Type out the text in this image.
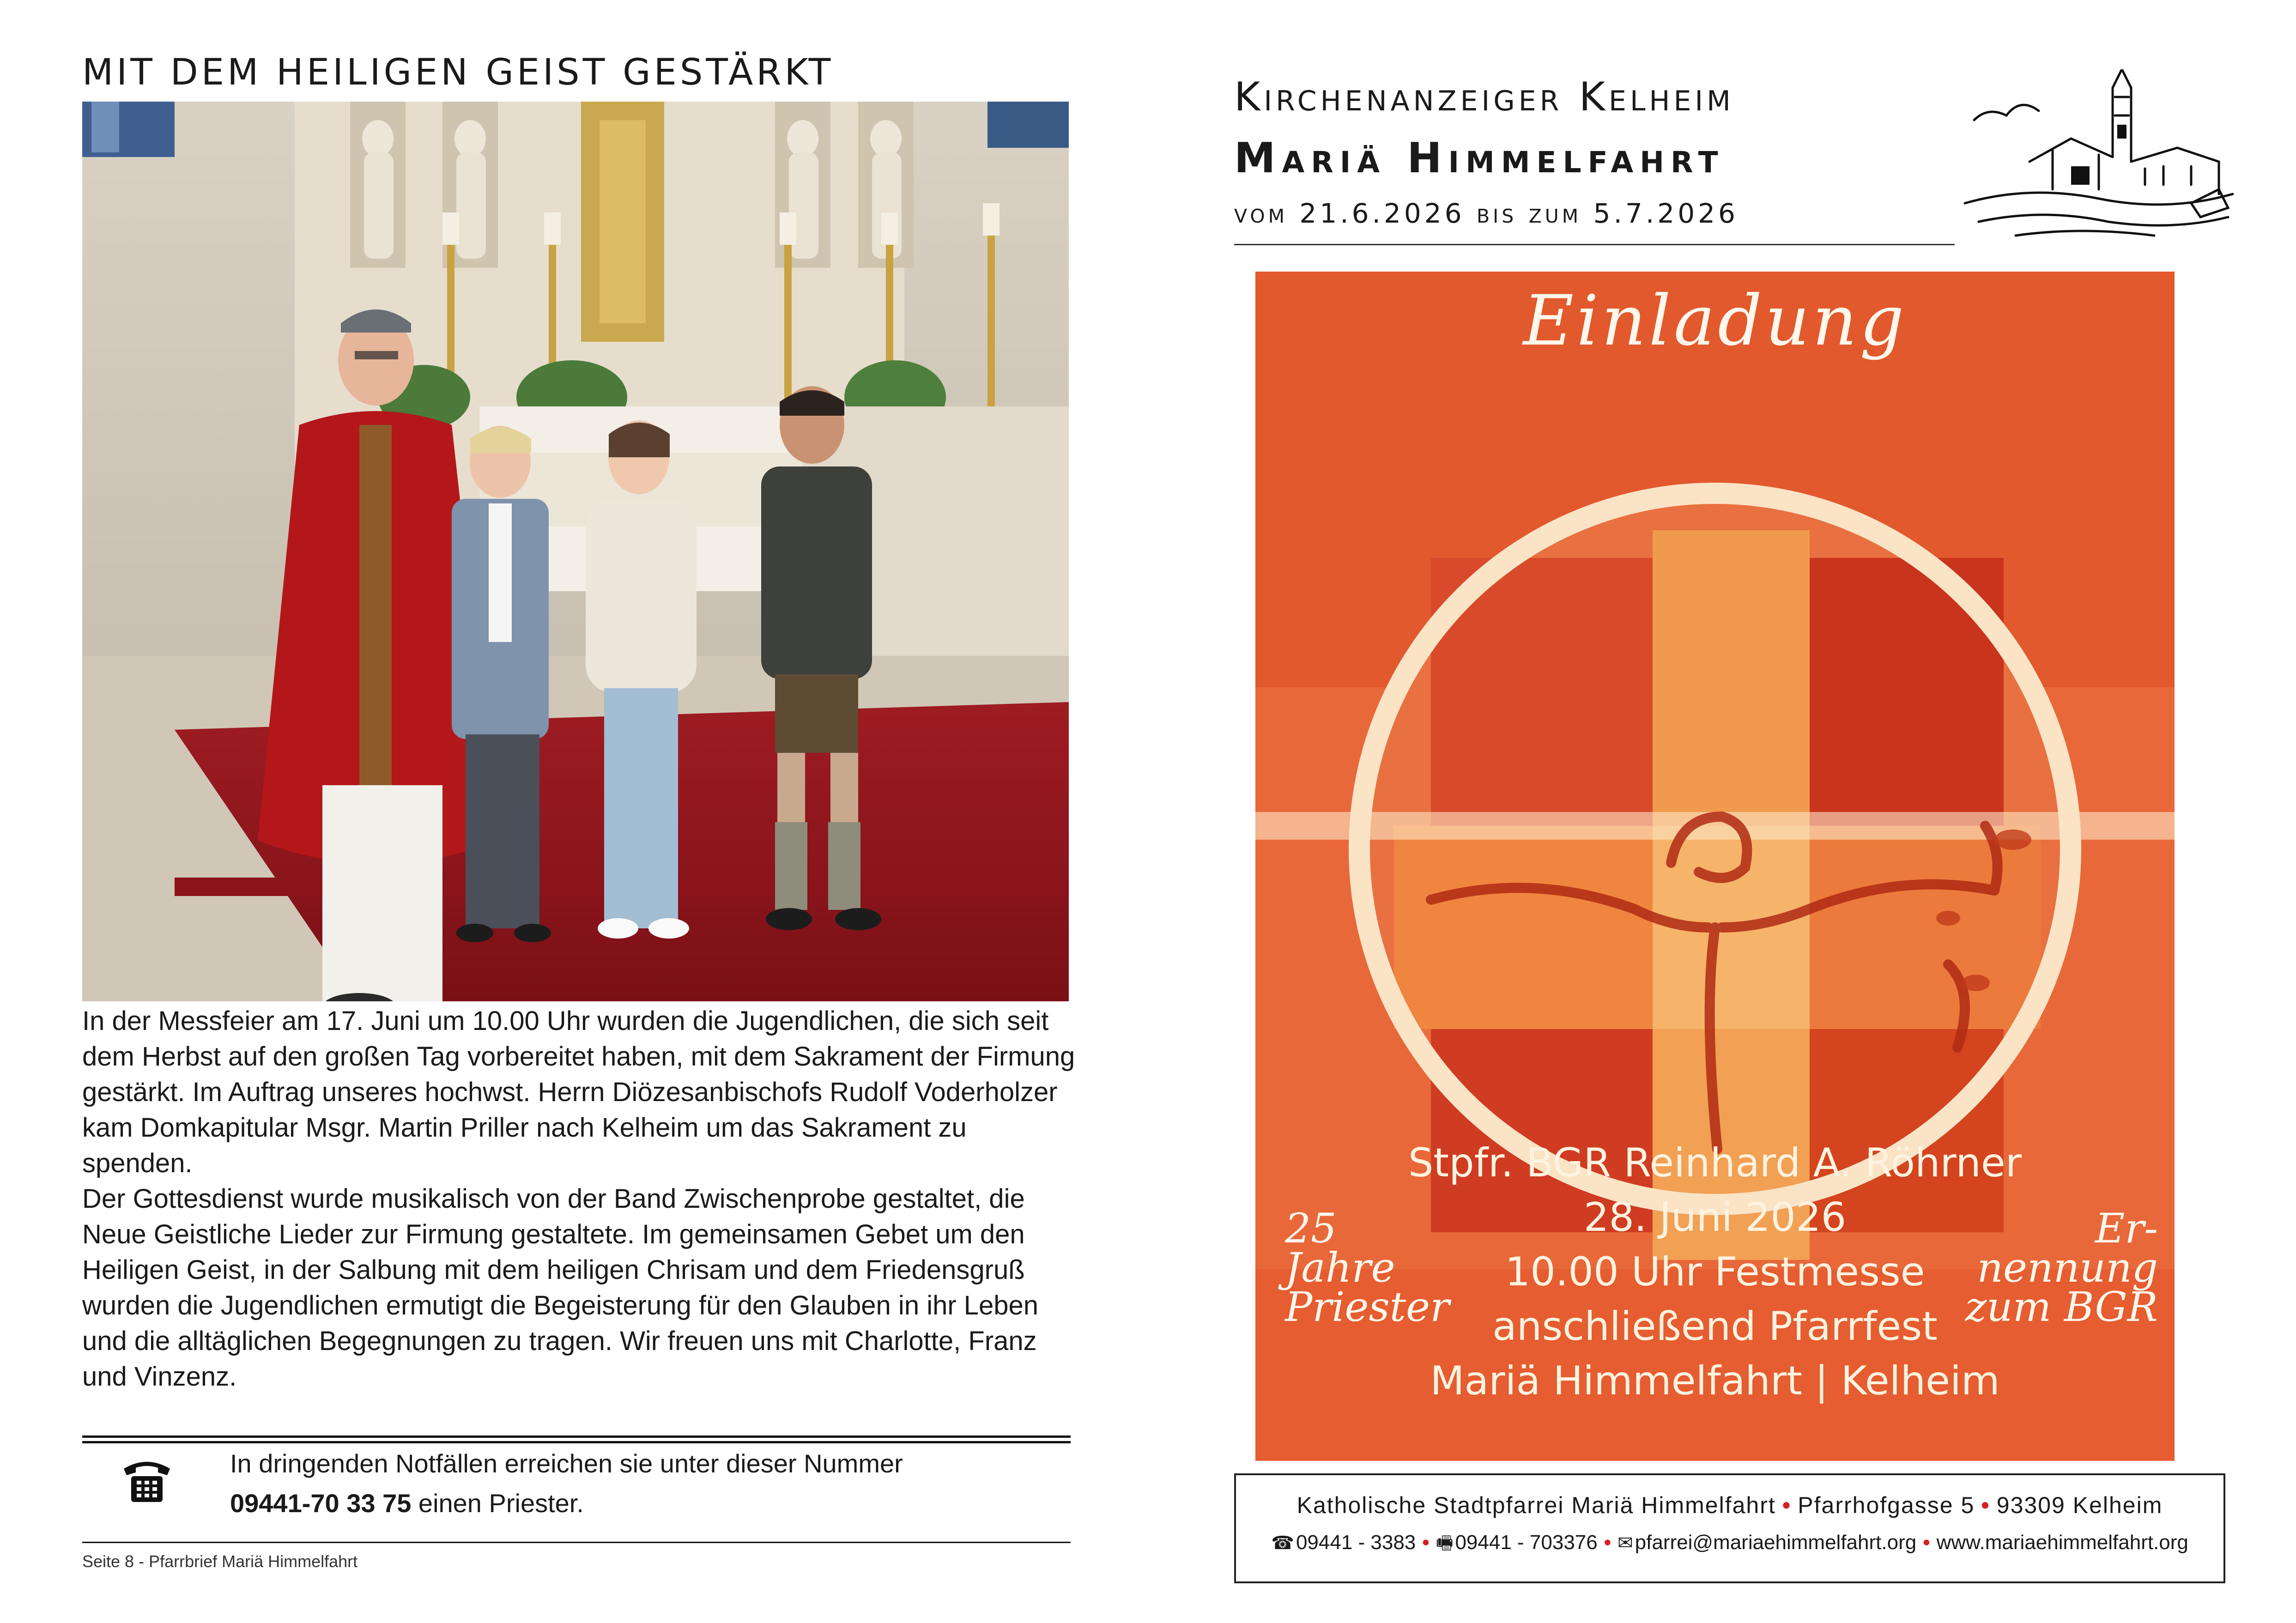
MIT DEM HEILIGEN GEIST GESTÄRKT

In der Messfeier am 17. Juni um 10.00 Uhr wurden die Jugendlichen, die sich seit dem Herbst auf den großen Tag vorbereitet haben, mit dem Sakrament der Firmung gestärkt. Im Auftrag unseres hochwst. Herrn Diözesanbischofs Rudolf Voderholzer kam Domkapitular Msgr. Martin Priller nach Kelheim um das Sakrament zu spenden.

Der Gottesdienst wurde musikalisch von der Band Zwischenprobe gestaltet, die Neue Geistliche Lieder zur Firmung gestaltete. Im gemeinsamen Gebet um den Heiligen Geist, in der Salbung mit dem heiligen Chrisam und dem Friedensgruß wurden die Jugendlichen ermutigt die Begeisterung für den Glauben in ihr Leben und die alltäglichen Begegnungen zu tragen. Wir freuen uns mit Charlotte, Franz und Vinzenz.

In dringenden Notfällen erreichen sie unter dieser Nummer
09441-70 33 75 einen Priester.
Seite 8 - Pfarrbrief Mariä Himmelfahrt
Kirchenanzeiger Kelheim
Mariä Himmelfahrt
vom 21.6.2026 bis zum 5.7.2026
Einladung
25
Jahre
Priester
Er-
nennung
zum BGR
Stpfr. BGR Reinhard A. Röhrner
28. Juni 2026
10.00 Uhr Festmesse
anschließend Pfarrfest
Mariä Himmelfahrt | Kelheim
Katholische Stadtpfarrei Mariä Himmelfahrt • Pfarrhofgasse 5 • 93309 Kelheim
☎09441 - 3383 • 🖷09441 - 703376 • ✉pfarrei@mariaehimmelfahrt.org • www.mariaehimmelfahrt.org
